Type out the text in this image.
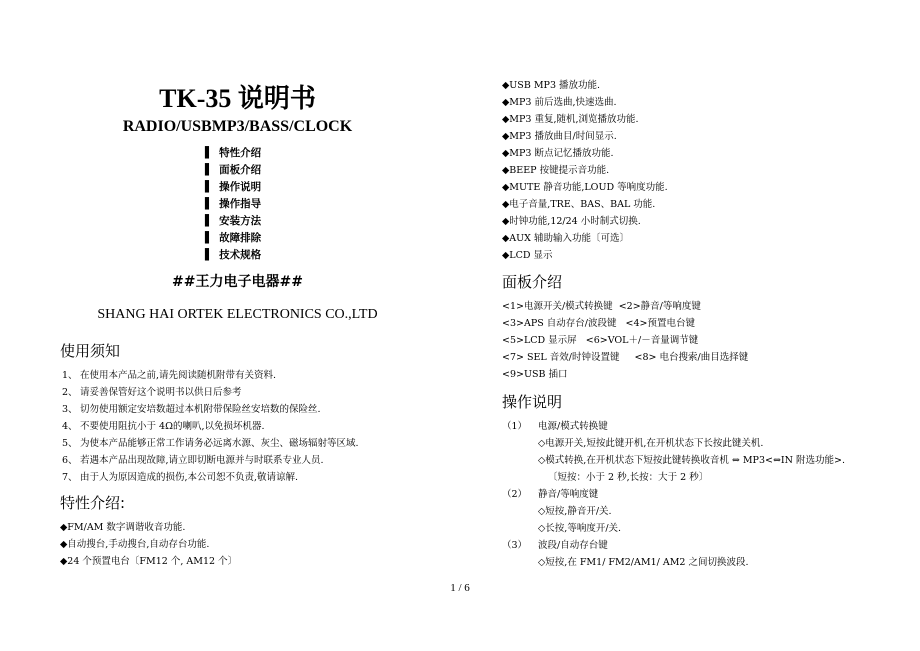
TK-35 说明书
RADIO/USBMP3/BASS/CLOCK
▌ 特性介绍
▌ 面板介绍
▌ 操作说明
▌ 操作指导
▌ 安装方法
▌ 故障排除
▌ 技术规格
##王力电子电器##
SHANG HAI ORTEK ELECTRONICS CO.,LTD
使用须知
1、 在使用本产品之前,请先阅读随机附带有关资料.
2、 请妥善保管好这个说明书以供日后参考
3、 切勿使用额定安培数超过本机附带保险丝安培数的保险丝.
4、 不要使用阻抗小于 4Ω的喇叭,以免损坏机器.
5、 为使本产品能够正常工作请务必远离水源、灰尘、磁场辐射等区域.
6、 若遇本产品出现故障,请立即切断电源并与时联系专业人员.
7、 由于人为原因造成的损伤,本公司恕不负责,敬请谅解.
特性介绍:
◆FM/AM 数字调谐收音功能.
◆自动搜台,手动搜台,自动存台功能.
◆24 个预置电台〔FM12 个, AM12 个〕
◆USB MP3 播放功能.
◆MP3 前后选曲,快速选曲.
◆MP3 重复,随机,浏览播放功能.
◆MP3 播放曲目/时间显示.
◆MP3 断点记忆播放功能.
◆BEEP 按键提示音功能.
◆MUTE 静音功能,LOUD 等响度功能.
◆电子音量,TRE、BAS、BAL 功能.
◆时钟功能,12/24 小时制式切换.
◆AUX 辅助输入功能〔可选〕
◆LCD 显示
面板介绍
<1>电源开关/模式转换键  <2>静音/等响度键
<3>APS 自动存台/波段键   <4>预置电台键
<5>LCD 显示屏   <6>VOL＋/－音量调节键
<7> SEL 音效/时钟设置键     <8> 电台搜索/曲目选择键
<9>USB 插口
操作说明
（1） 电源/模式转换键
◇电源开关,短按此键开机,在开机状态下长按此键关机.
◇模式转换,在开机状态下短按此键转换收音机 ⇔ MP3<⇔IN 附选功能>.
〔短按：小于 2 秒,长按：大于 2 秒〕
（2） 静音/等响度键
◇短按,静音开/关.
◇长按,等响度开/关.
（3） 波段/自动存台键
◇短按,在 FM1/ FM2/AM1/ AM2 之间切换波段.
1 / 6
